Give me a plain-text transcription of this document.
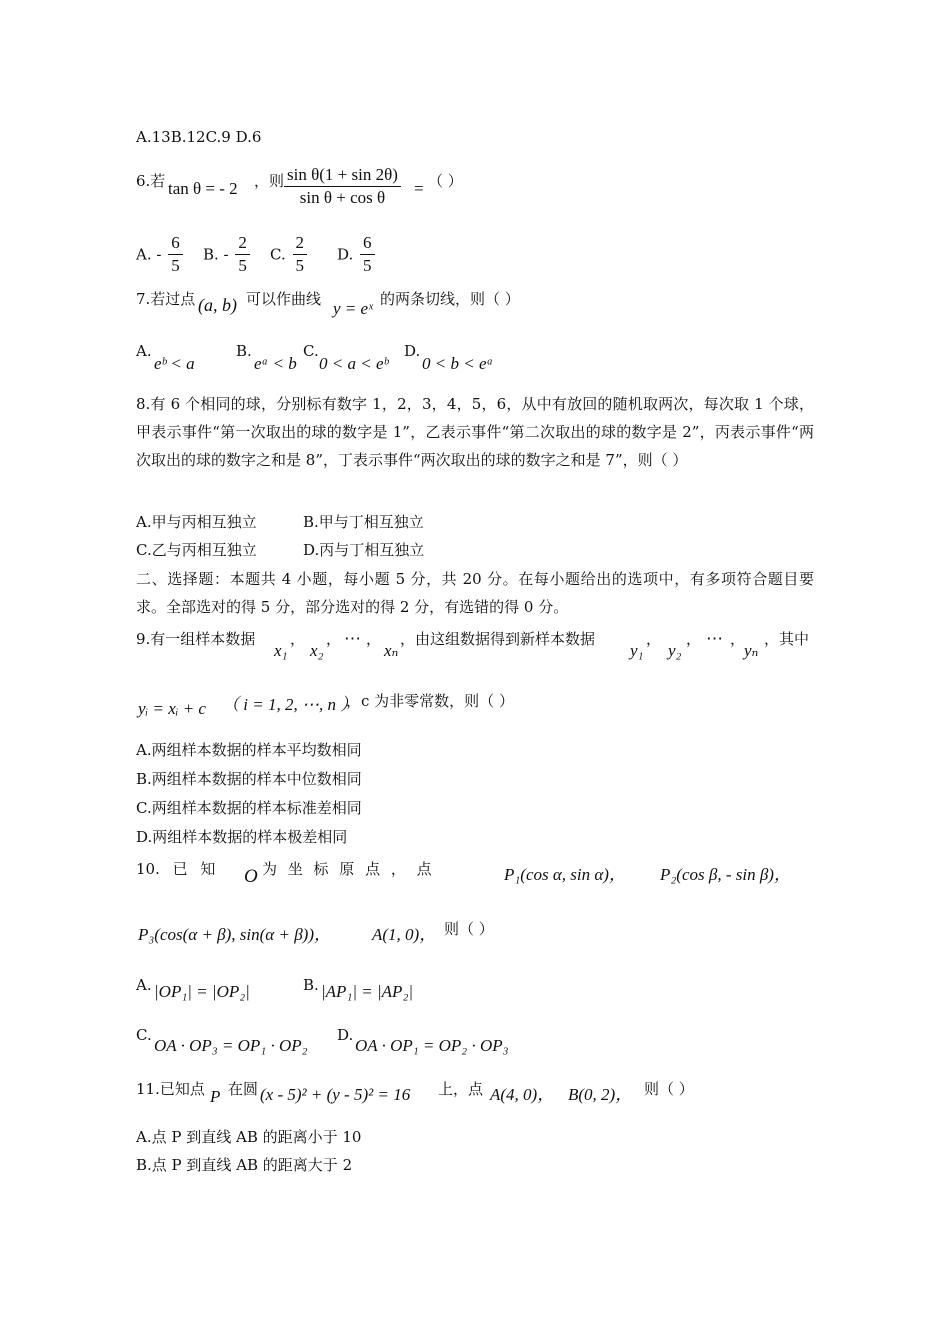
A.13B.12C.9 D.6
6.若 tan θ = - 2 ，则 $\frac{\text{sin θ(1 + sin 2θ)}}{\text{sin θ + cos θ}}$ = （ ）
A. - $\frac{6}{5} B$. - $\frac{2}{5} C$. $\frac{2}{5} D$. $\frac{6}{5}$
7.若过点 (a, b) 可以作曲线 y = eˣ 的两条切线，则（ ）
A.
eᵇ < a
B.
eᵃ < b
C.
0 < a < eᵇ
D.
0 < b < eᵃ
8.有 6 个相同的球，分别标有数字 1，2，3，4，5，6，从中有放回的随机取两次，每次取 1 个球，甲表示事件“第一次取出的球的数字是 1”，乙表示事件“第二次取出的球的数字是 2”，丙表示事件“两次取出的球的数字之和是 8”，丁表示事件“两次取出的球的数字之和是 7”，则（ ）
A.甲与丙相互独立	B.甲与丁相互独立
C.乙与丙相互独立	D.丙与丁相互独立
二、选择题：本题共 4 小题，每小题 5 分，共 20 分。在每小题给出的选项中，有多项符合题目要求。全部选对的得 5 分，部分选对的得 2 分，有选错的得 0 分。
9.有一组样本数据
x₁
，
x₂
， ⋯ ，
xₙ
，由这组数据得到新样本数据
y₁
，
y₂
， ⋯ ，
yₙ
，其中
yᵢ = xᵢ + c （ i = 1, 2, ⋯, n ）
，c 为非零常数，则（ ）
A.两组样本数据的样本平均数相同
B.两组样本数据的样本中位数相同
C.两组样本数据的样本标准差相同
D.两组样本数据的样本极差相同
10. 已 知 O 为 坐 标 原 点 ， 点	P₁(cos α, sin α)， P₂(cos β, - sin β)，
P₃(cos(α + β), sin(α + β))， A(1, 0)， 则（ ）
A. |OP₁| = |OP₂|	B. |AP₁| = |AP₂|
C.
OA · OP₃ = OP₁ · OP₂
D.
OA · OP₁ = OP₂ · OP₃
11.已知点 P 在圆 (x - 5)² + (y - 5)² = 16 上，点 A(4, 0)， B(0, 2)， 则（ ）
A.点 P 到直线 AB 的距离小于 10
B.点 P 到直线 AB 的距离大于 2
